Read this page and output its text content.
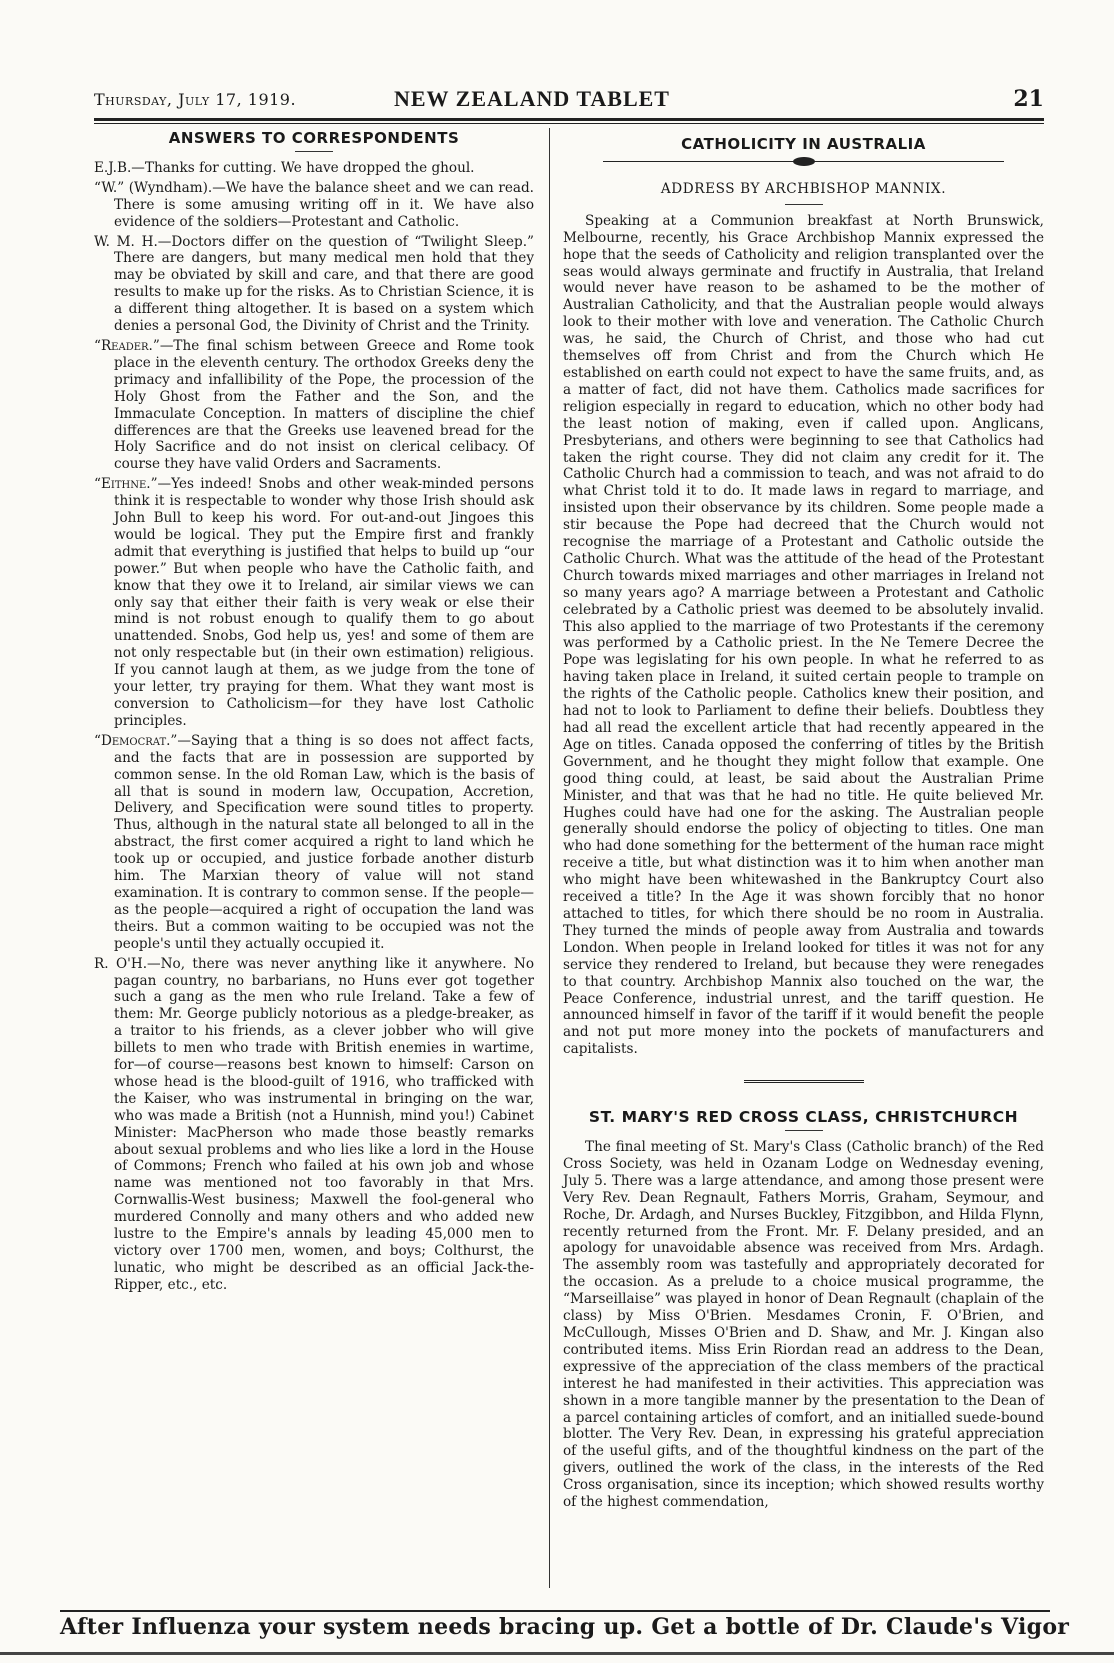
Thursday, July 17, 1919.	NEW ZEALAND TABLET	21
ANSWERS TO CORRESPONDENTS
E.J.B.—Thanks for cutting. We have dropped the ghoul.
“W.” (Wyndham).—We have the balance sheet and we can read. There is some amusing writing off in it. We have also evidence of the soldiers—Protestant and Catholic.
W. M. H.—Doctors differ on the question of “Twilight Sleep.” There are dangers, but many medical men hold that they may be obviated by skill and care, and that there are good results to make up for the risks. As to Christian Science, it is a different thing altogether. It is based on a system which denies a personal God, the Divinity of Christ and the Trinity.
“Reader.”—The final schism between Greece and Rome took place in the eleventh century. The orthodox Greeks deny the primacy and infallibility of the Pope, the procession of the Holy Ghost from the Father and the Son, and the Immaculate Conception. In matters of discipline the chief differences are that the Greeks use leavened bread for the Holy Sacrifice and do not insist on clerical celibacy. Of course they have valid Orders and Sacraments.
“Eithne.”—Yes indeed! Snobs and other weak-minded persons think it is respectable to wonder why those Irish should ask John Bull to keep his word. For out-and-out Jingoes this would be logical. They put the Empire first and frankly admit that everything is justified that helps to build up “our power.” But when people who have the Catholic faith, and know that they owe it to Ireland, air similar views we can only say that either their faith is very weak or else their mind is not robust enough to qualify them to go about unattended. Snobs, God help us, yes! and some of them are not only respectable but (in their own estimation) religious. If you cannot laugh at them, as we judge from the tone of your letter, try praying for them. What they want most is conversion to Catholicism—for they have lost Catholic principles.
“Democrat.”—Saying that a thing is so does not affect facts, and the facts that are in possession are supported by common sense. In the old Roman Law, which is the basis of all that is sound in modern law, Occupation, Accretion, Delivery, and Specification were sound titles to property. Thus, although in the natural state all belonged to all in the abstract, the first comer acquired a right to land which he took up or occupied, and justice forbade another disturb him. The Marxian theory of value will not stand examination. It is contrary to common sense. If the people—as the people—acquired a right of occupation the land was theirs. But a common waiting to be occupied was not the people's until they actually occupied it.
R. O'H.—No, there was never anything like it anywhere. No pagan country, no barbarians, no Huns ever got together such a gang as the men who rule Ireland. Take a few of them: Mr. George publicly notorious as a pledge-breaker, as a traitor to his friends, as a clever jobber who will give billets to men who trade with British enemies in wartime, for—of course—reasons best known to himself: Carson on whose head is the blood-guilt of 1916, who trafficked with the Kaiser, who was instrumental in bringing on the war, who was made a British (not a Hunnish, mind you!) Cabinet Minister: MacPherson who made those beastly remarks about sexual problems and who lies like a lord in the House of Commons; French who failed at his own job and whose name was mentioned not too favorably in that Mrs. Cornwallis-West business; Maxwell the fool-general who murdered Connolly and many others and who added new lustre to the Empire's annals by leading 45,000 men to victory over 1700 men, women, and boys; Colthurst, the lunatic, who might be described as an official Jack-the-Ripper, etc., etc.
CATHOLICITY IN AUSTRALIA
ADDRESS BY ARCHBISHOP MANNIX.

Speaking at a Communion breakfast at North Brunswick, Melbourne, recently, his Grace Archbishop Mannix expressed the hope that the seeds of Catholicity and religion transplanted over the seas would always germinate and fructify in Australia, that Ireland would never have reason to be ashamed to be the mother of Australian Catholicity, and that the Australian people would always look to their mother with love and veneration. The Catholic Church was, he said, the Church of Christ, and those who had cut themselves off from Christ and from the Church which He established on earth could not expect to have the same fruits, and, as a matter of fact, did not have them. Catholics made sacrifices for religion especially in regard to education, which no other body had the least notion of making, even if called upon. Anglicans, Presbyterians, and others were beginning to see that Catholics had taken the right course. They did not claim any credit for it. The Catholic Church had a commission to teach, and was not afraid to do what Christ told it to do. It made laws in regard to marriage, and insisted upon their observance by its children. Some people made a stir because the Pope had decreed that the Church would not recognise the marriage of a Protestant and Catholic outside the Catholic Church. What was the attitude of the head of the Protestant Church towards mixed marriages and other marriages in Ireland not so many years ago? A marriage between a Protestant and Catholic celebrated by a Catholic priest was deemed to be absolutely invalid. This also applied to the marriage of two Protestants if the ceremony was performed by a Catholic priest. In the Ne Temere Decree the Pope was legislating for his own people. In what he referred to as having taken place in Ireland, it suited certain people to trample on the rights of the Catholic people. Catholics knew their position, and had not to look to Parliament to define their beliefs. Doubtless they had all read the excellent article that had recently appeared in the Age on titles. Canada opposed the conferring of titles by the British Government, and he thought they might follow that example. One good thing could, at least, be said about the Australian Prime Minister, and that was that he had no title. He quite believed Mr. Hughes could have had one for the asking. The Australian people generally should endorse the policy of objecting to titles. One man who had done something for the betterment of the human race might receive a title, but what distinction was it to him when another man who might have been whitewashed in the Bankruptcy Court also received a title? In the Age it was shown forcibly that no honor attached to titles, for which there should be no room in Australia. They turned the minds of people away from Australia and towards London. When people in Ireland looked for titles it was not for any service they rendered to Ireland, but because they were renegades to that country. Archbishop Mannix also touched on the war, the Peace Conference, industrial unrest, and the tariff question. He announced himself in favor of the tariff if it would benefit the people and not put more money into the pockets of manufacturers and capitalists.

ST. MARY'S RED CROSS CLASS, CHRISTCHURCH

The final meeting of St. Mary's Class (Catholic branch) of the Red Cross Society, was held in Ozanam Lodge on Wednesday evening, July 5. There was a large attendance, and among those present were Very Rev. Dean Regnault, Fathers Morris, Graham, Seymour, and Roche, Dr. Ardagh, and Nurses Buckley, Fitzgibbon, and Hilda Flynn, recently returned from the Front. Mr. F. Delany presided, and an apology for unavoidable absence was received from Mrs. Ardagh. The assembly room was tastefully and appropriately decorated for the occasion. As a prelude to a choice musical programme, the “Marseillaise” was played in honor of Dean Regnault (chaplain of the class) by Miss O'Brien. Mesdames Cronin, F. O'Brien, and McCullough, Misses O'Brien and D. Shaw, and Mr. J. Kingan also contributed items. Miss Erin Riordan read an address to the Dean, expressive of the appreciation of the class members of the practical interest he had manifested in their activities. This appreciation was shown in a more tangible manner by the presentation to the Dean of a parcel containing articles of comfort, and an initialled suede-bound blotter. The Very Rev. Dean, in expressing his grateful appreciation of the useful gifts, and of the thoughtful kindness on the part of the givers, outlined the work of the class, in the interests of the Red Cross organisation, since its inception; which showed results worthy of the highest commendation,

After Influenza your system needs bracing up. Get a bottle of Dr. Claude's Vigor
